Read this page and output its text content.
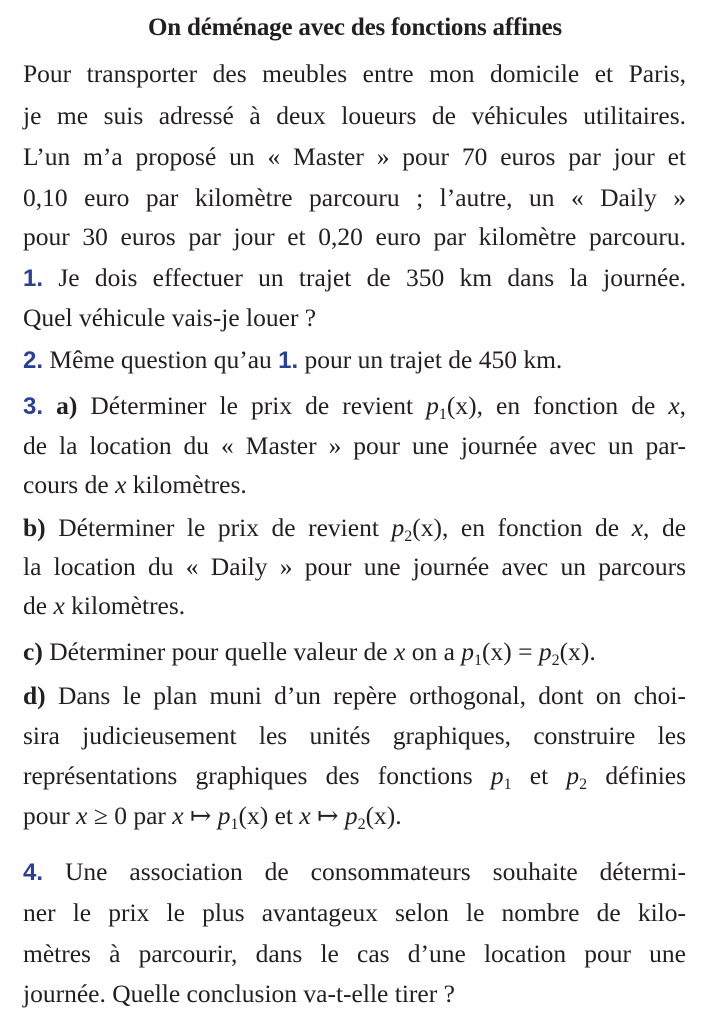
On déménage avec des fonctions affines
Pour transporter des meubles entre mon domicile et Paris,
je me suis adressé à deux loueurs de véhicules utilitaires.
L’un m’a proposé un « Master » pour 70 euros par jour et
0,10 euro par kilomètre parcouru ; l’autre, un « Daily »
pour 30 euros par jour et 0,20 euro par kilomètre parcouru.
1. Je dois effectuer un trajet de 350 km dans la journée.
Quel véhicule vais-je louer ?
2. Même question qu’au 1. pour un trajet de 450 km.
3. a) Déterminer le prix de revient $p_1(x)$, en fonction de x,
de la location du « Master » pour une journée avec un par-
cours de x kilomètres.
b) Déterminer le prix de revient $p_2(x)$, en fonction de x, de
la location du « Daily » pour une journée avec un parcours
de x kilomètres.
c) Déterminer pour quelle valeur de x on a $p_1(x) = p_2(x)$.
d) Dans le plan muni d’un repère orthogonal, dont on choi-
sira judicieusement les unités graphiques, construire les
représentations graphiques des fonctions $p_1$ et $p_2$ définies
pour x ≥ 0 par x ↦ $p_1(x)$ et x ↦ $p_2(x)$.
4. Une association de consommateurs souhaite détermi-
ner le prix le plus avantageux selon le nombre de kilo-
mètres à parcourir, dans le cas d’une location pour une
journée. Quelle conclusion va-t-elle tirer ?
